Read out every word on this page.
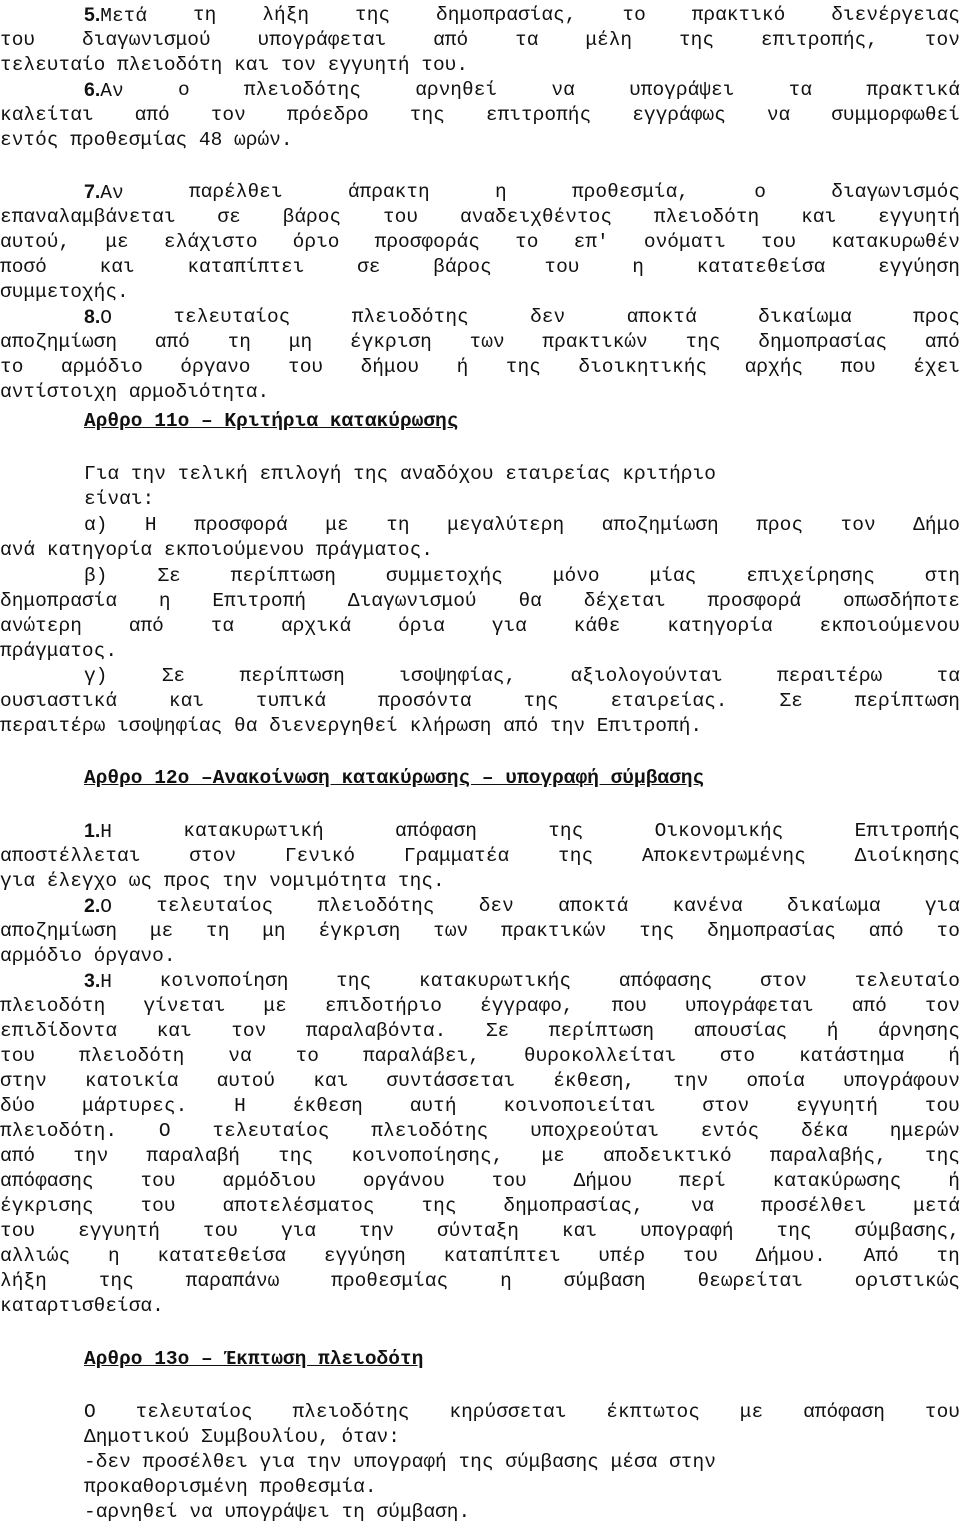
5.Μετά τη λήξη της δημοπρασίας, το πρακτικό διενέργειας
του διαγωνισμού υπογράφεται από τα μέλη της επιτροπής, τον
τελευταίο πλειοδότη και τον εγγυητή του.
6.Αν	ο	πλειοδότης	αρνηθεί	να	υπογράψει	τα	πρακτικά
καλείται από τον πρόεδρο της επιτροπής εγγράφως να συμμορφωθεί
εντός προθεσμίας 48 ωρών.
7.Αν	παρέλθει	άπρακτη	η	προθεσμία,	ο	διαγωνισμός
επαναλαμβάνεται σε βάρος του αναδειχθέντος πλειοδότη και εγγυητή
αυτού, με ελάχιστο όριο προσφοράς το επ' ονόματι του κατακυρωθέν
ποσό	και	καταπίπτει	σε	βάρος	του	η	κατατεθείσα	εγγύηση
συμμετοχής.
8.Ο	τελευταίος	πλειοδότης	δεν	αποκτά	δικαίωμα	προς
αποζημίωση από τη μη έγκριση των πρακτικών της δημοπρασίας από
το αρμόδιο όργανο του δήμου ή της διοικητικής αρχής που έχει
αντίστοιχη αρμοδιότητα.
Αρθρο 11ο – Κριτήρια κατακύρωσης
Για την τελική επιλογή της αναδόχου εταιρείας κριτήριο
είναι:
α) Η προσφορά με τη μεγαλύτερη αποζημίωση προς τον Δήμο
ανά κατηγορία εκποιούμενου πράγματος.
β)	Σε	περίπτωση	συμμετοχής	μόνο	μίας	επιχείρησης	στη
δημοπρασία η Επιτροπή Διαγωνισμού θα δέχεται προσφορά οπωσδήποτε
ανώτερη από τα αρχικά όρια για κάθε κατηγορία εκποιούμενου
πράγματος.
γ)	Σε	περίπτωση	ισοψηφίας,	αξιολογούνται	περαιτέρω	τα
ουσιαστικά	και	τυπικά	προσόντα	της	εταιρείας.	Σε	περίπτωση
περαιτέρω ισοψηφίας θα διενεργηθεί κλήρωση από την Επιτροπή.
Αρθρο 12ο –Ανακοίνωση κατακύρωσης – υπογραφή σύμβασης
1.Η	κατακυρωτική	απόφαση	της	Οικονομικής	Επιτροπής
αποστέλλεται	στον	Γενικό	Γραμματέα	της	Αποκεντρωμένης	Διοίκησης
για έλεγχο ως προς την νομιμότητα της.
2.Ο τελευταίος πλειοδότης δεν αποκτά κανένα δικαίωμα για
αποζημίωση με τη μη έγκριση των πρακτικών της δημοπρασίας από το
αρμόδιο όργανο.
3.Η κοινοποίηση της κατακυρωτικής απόφασης στον τελευταίο
πλειοδότη γίνεται με επιδοτήριο έγγραφο, που υπογράφεται από τον
επιδίδοντα και τον παραλαβόντα. Σε περίπτωση απουσίας ή άρνησης
του πλειοδότη να το παραλάβει, θυροκολλείται στο κατάστημα ή
στην κατοικία αυτού και συντάσσεται έκθεση, την οποία υπογράφουν
δύο μάρτυρες. Η έκθεση αυτή κοινοποιείται στον εγγυητή του
πλειοδότη. Ο τελευταίος πλειοδότης υποχρεούται εντός δέκα ημερών
από την παραλαβή της κοινοποίησης, με αποδεικτικό παραλαβής, της
απόφασης του αρμόδιου οργάνου του Δήμου περί κατακύρωσης ή
έγκρισης του αποτελέσματος της δημοπρασίας, να προσέλθει μετά
του εγγυητή του για την σύνταξη και υπογραφή της σύμβασης,
αλλιώς η κατατεθείσα εγγύηση καταπίπτει υπέρ του Δήμου. Από τη
λήξη	της	παραπάνω	προθεσμίας	η	σύμβαση	θεωρείται	οριστικώς
καταρτισθείσα.
Αρθρο 13ο – Έκπτωση πλειοδότη
Ο τελευταίος πλειοδότης κηρύσσεται έκπτωτος με απόφαση του
Δημοτικού Συμβουλίου, όταν:
-δεν προσέλθει για την υπογραφή της σύμβασης μέσα στην
προκαθορισμένη προθεσμία.
-αρνηθεί να υπογράψει τη σύμβαση.
